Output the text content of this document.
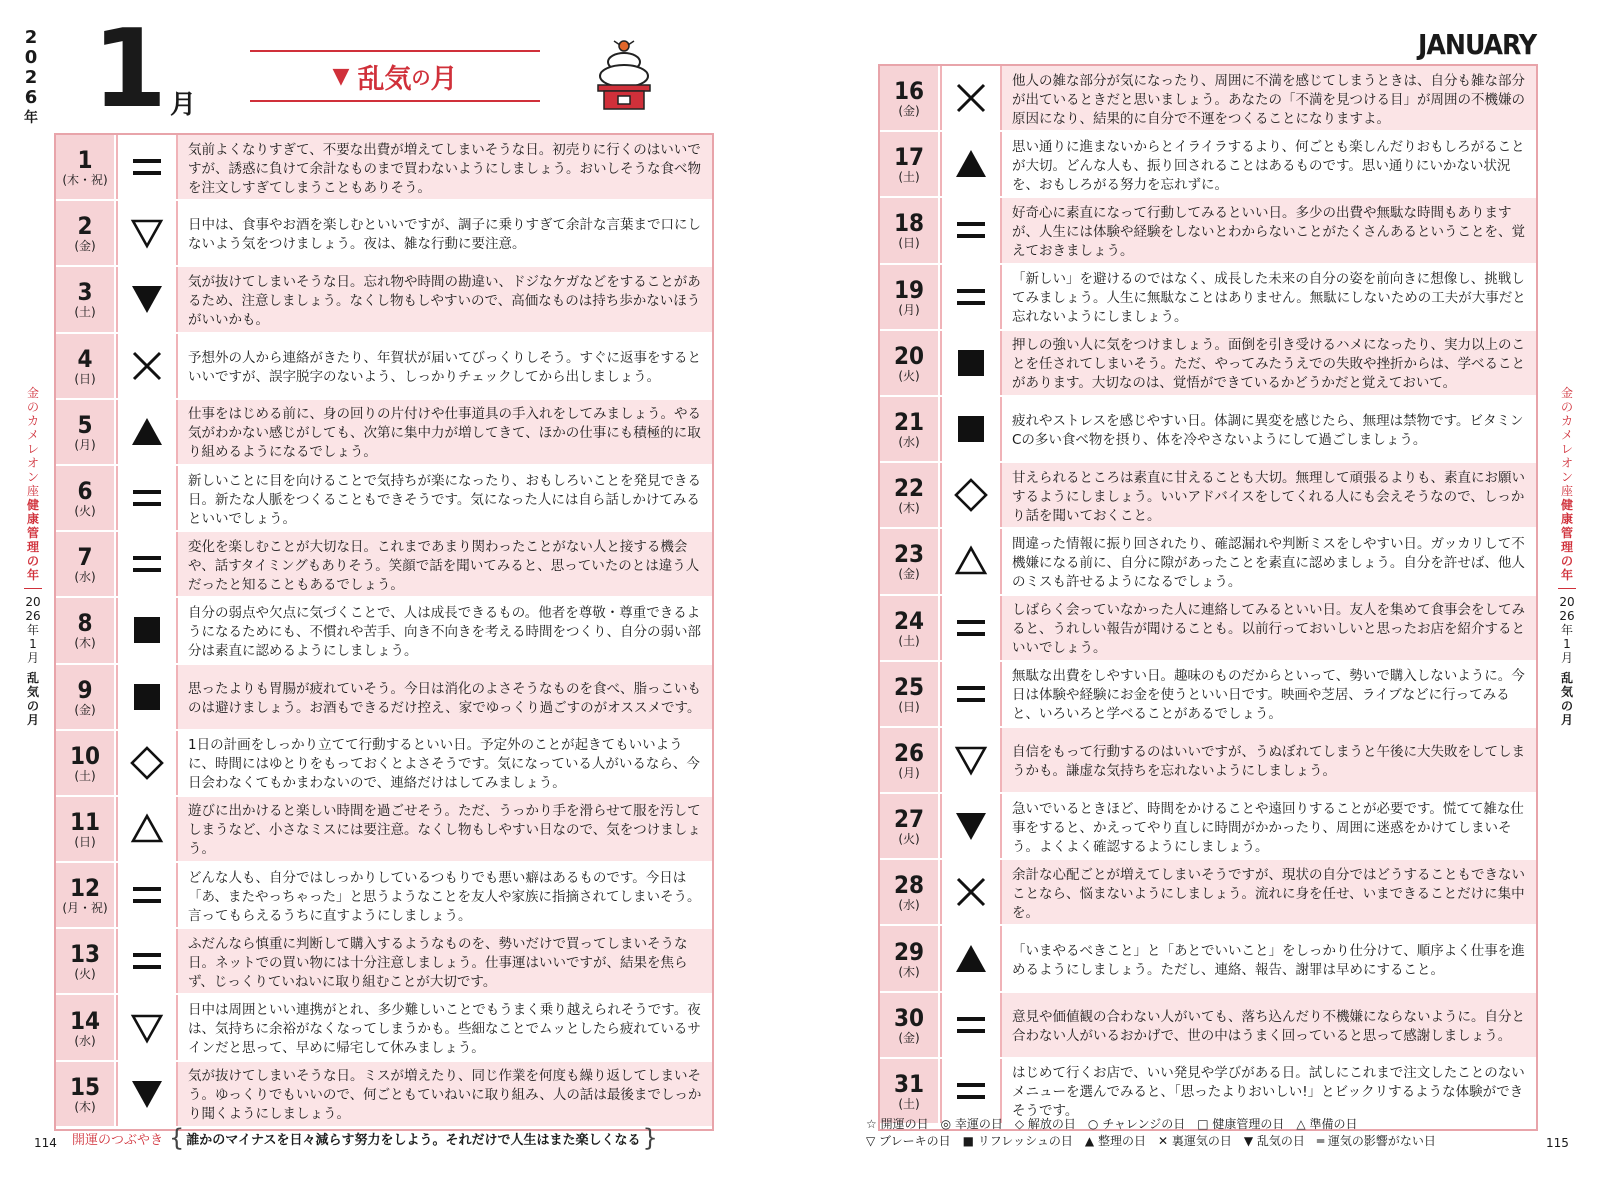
2
0
2
6
年 1 月
▼ 乱気 の 月
JANUARY
金のカメレオン座
健康管理の年
2026年1月
乱気の月
金のカメレオン座
健康管理の年
2026年1月
乱気の月
1
(木・祝)
気前よくなりすぎて、不要な出費が増えてしまいそうな日。初売りに行くのはいいですが、誘惑に負けて余計なものまで買わないようにしましょう。おいしそうな食べ物を注文しすぎてしまうこともありそう。
2
(金)
日中は、食事やお酒を楽しむといいですが、調子に乗りすぎて余計な言葉まで口にしないよう気をつけましょう。夜は、雑な行動に要注意。
3
(土)
気が抜けてしまいそうな日。忘れ物や時間の勘違い、ドジなケガなどをすることがあるため、注意しましょう。なくし物もしやすいので、高価なものは持ち歩かないほうがいいかも。
4
(日)
予想外の人から連絡がきたり、年賀状が届いてびっくりしそう。すぐに返事をするといいですが、誤字脱字のないよう、しっかりチェックしてから出しましょう。
5
(月)
仕事をはじめる前に、身の回りの片付けや仕事道具の手入れをしてみましょう。やる気がわかない感じがしても、次第に集中力が増してきて、ほかの仕事にも積極的に取り組めるようになるでしょう。
6
(火)
新しいことに目を向けることで気持ちが楽になったり、おもしろいことを発見できる日。新たな人脈をつくることもできそうです。気になった人には自ら話しかけてみるといいでしょう。
7
(水)
変化を楽しむことが大切な日。これまであまり関わったことがない人と接する機会や、話すタイミングもありそう。笑顔で話を聞いてみると、思っていたのとは違う人だったと知ることもあるでしょう。
8
(木)
自分の弱点や欠点に気づくことで、人は成長できるもの。他者を尊敬・尊重できるようになるためにも、不慣れや苦手、向き不向きを考える時間をつくり、自分の弱い部分は素直に認めるようにしましょう。
9
(金)
思ったよりも胃腸が疲れていそう。今日は消化のよさそうなものを食べ、脂っこいものは避けましょう。お酒もできるだけ控え、家でゆっくり過ごすのがオススメです。
10
(土)
1日の計画をしっかり立てて行動するといい日。予定外のことが起きてもいいように、時間にはゆとりをもっておくとよさそうです。気になっている人がいるなら、今日会わなくてもかまわないので、連絡だけはしてみましょう。
11
(日)
遊びに出かけると楽しい時間を過ごせそう。ただ、うっかり手を滑らせて服を汚してしまうなど、小さなミスには要注意。なくし物もしやすい日なので、気をつけましょう。
12
(月・祝)
どんな人も、自分ではしっかりしているつもりでも悪い癖はあるものです。今日は「あ、またやっちゃった」と思うようなことを友人や家族に指摘されてしまいそう。言ってもらえるうちに直すようにしましょう。
13
(火)
ふだんなら慎重に判断して購入するようなものを、勢いだけで買ってしまいそうな日。ネットでの買い物には十分注意しましょう。仕事運はいいですが、結果を焦らず、じっくりていねいに取り組むことが大切です。
14
(水)
日中は周囲といい連携がとれ、多少難しいことでもうまく乗り越えられそうです。夜は、気持ちに余裕がなくなってしまうかも。些細なことでムッとしたら疲れているサインだと思って、早めに帰宅して休みましょう。
15
(木)
気が抜けてしまいそうな日。ミスが増えたり、同じ作業を何度も繰り返してしまいそう。ゆっくりでもいいので、何ごともていねいに取り組み、人の話は最後までしっかり聞くようにしましょう。
16
(金)
他人の雑な部分が気になったり、周囲に不満を感じてしまうときは、自分も雑な部分が出ているときだと思いましょう。あなたの「不満を見つける目」が周囲の不機嫌の原因になり、結果的に自分で不運をつくることになりますよ。
17
(土)
思い通りに進まないからとイライラするより、何ごとも楽しんだりおもしろがることが大切。どんな人も、振り回されることはあるものです。思い通りにいかない状況を、おもしろがる努力を忘れずに。
18
(日)
好奇心に素直になって行動してみるといい日。多少の出費や無駄な時間もありますが、人生には体験や経験をしないとわからないことがたくさんあるということを、覚えておきましょう。
19
(月)
「新しい」を避けるのではなく、成長した未来の自分の姿を前向きに想像し、挑戦してみましょう。人生に無駄なことはありません。無駄にしないための工夫が大事だと忘れないようにしましょう。
20
(火)
押しの強い人に気をつけましょう。面倒を引き受けるハメになったり、実力以上のことを任されてしまいそう。ただ、やってみたうえでの失敗や挫折からは、学べることがあります。大切なのは、覚悟ができているかどうかだと覚えておいて。
21
(水)
疲れやストレスを感じやすい日。体調に異変を感じたら、無理は禁物です。ビタミンCの多い食べ物を摂り、体を冷やさないようにして過ごしましょう。
22
(木)
甘えられるところは素直に甘えることも大切。無理して頑張るよりも、素直にお願いするようにしましょう。いいアドバイスをしてくれる人にも会えそうなので、しっかり話を聞いておくこと。
23
(金)
間違った情報に振り回されたり、確認漏れや判断ミスをしやすい日。ガッカリして不機嫌になる前に、自分に隙があったことを素直に認めましょう。自分を許せば、他人のミスも許せるようになるでしょう。
24
(土)
しばらく会っていなかった人に連絡してみるといい日。友人を集めて食事会をしてみると、うれしい報告が聞けることも。以前行っておいしいと思ったお店を紹介するといいでしょう。
25
(日)
無駄な出費をしやすい日。趣味のものだからといって、勢いで購入しないように。今日は体験や経験にお金を使うといい日です。映画や芝居、ライブなどに行ってみると、いろいろと学べることがあるでしょう。
26
(月)
自信をもって行動するのはいいですが、うぬぼれてしまうと午後に大失敗をしてしまうかも。謙虚な気持ちを忘れないようにしましょう。
27
(火)
急いでいるときほど、時間をかけることや遠回りすることが必要です。慌てて雑な仕事をすると、かえってやり直しに時間がかかったり、周囲に迷惑をかけてしまいそう。よくよく確認するようにしましょう。
28
(水)
余計な心配ごとが増えてしまいそうですが、現状の自分ではどうすることもできないことなら、悩まないようにしましょう。流れに身を任せ、いまできることだけに集中を。
29
(木)
「いまやるべきこと」と「あとでいいこと」をしっかり仕分けて、順序よく仕事を進めるようにしましょう。ただし、連絡、報告、謝罪は早めにすること。
30
(金)
意見や価値観の合わない人がいても、落ち込んだり不機嫌にならないように。自分と合わない人がいるおかげで、世の中はうまく回っていると思って感謝しましょう。
31
(土)
はじめて行くお店で、いい発見や学びがある日。試しにこれまで注文したことのないメニューを選んでみると、「思ったよりおいしい!」とビックリするような体験ができそうです。
114	115
開運のつぶやき { 誰かのマイナスを日々減らす努力をしよう。それだけで人生はまた楽しくなる }	☆ 開運の日 ◎ 幸運の日 ◇ 解放の日 ○ チャレンジの日 □ 健康管理の日 △ 準備の日
▽ ブレーキの日 ■ リフレッシュの日 ▲ 整理の日 ✕ 裏運気の日 ▼ 乱気の日 ═ 運気の影響がない日
